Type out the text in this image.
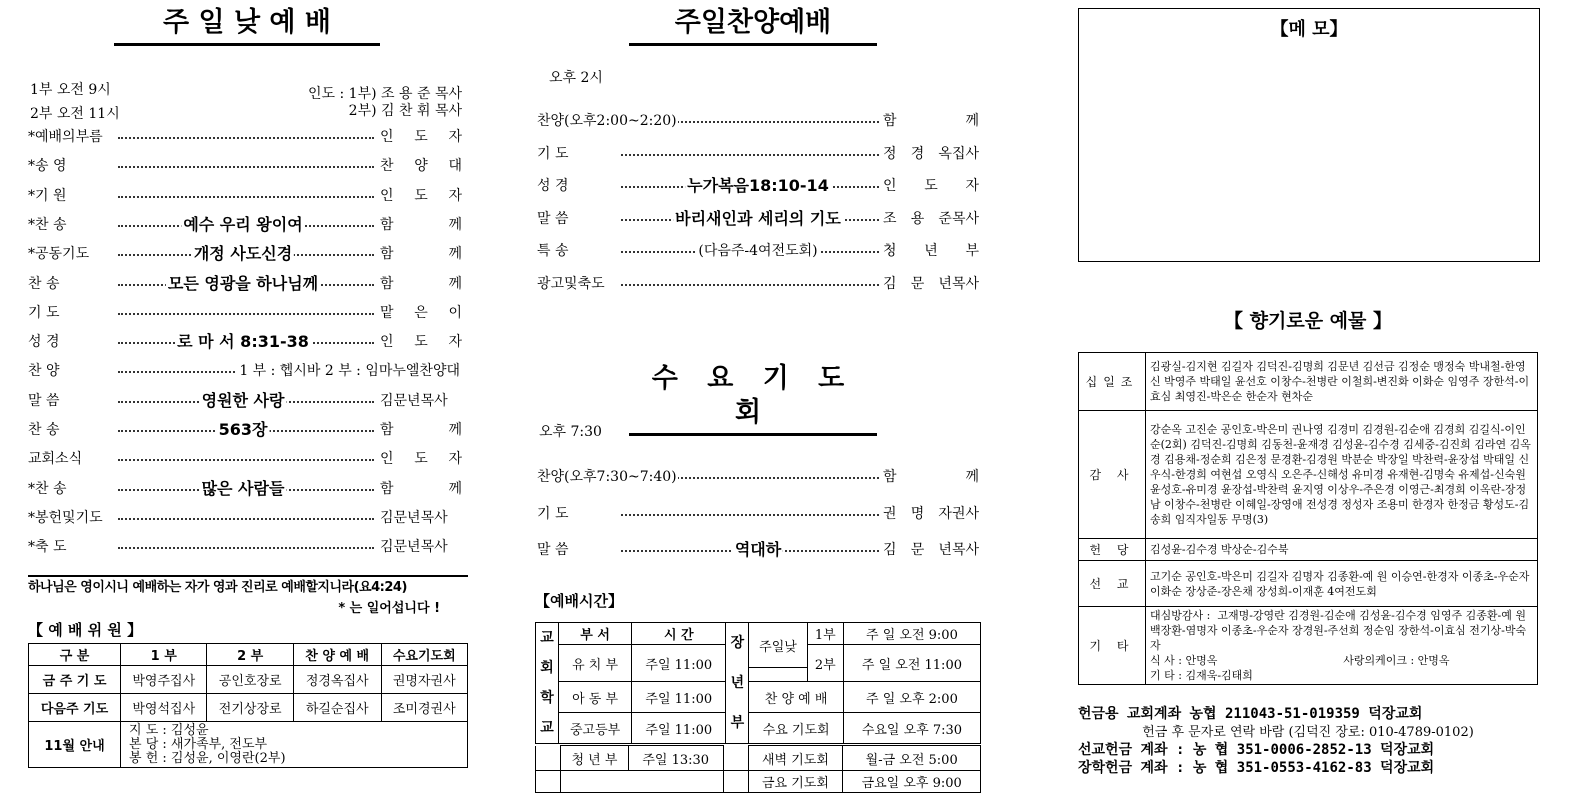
주 일 낮 예 배
1부 오전 9시
2부 오전 11시
인도 : 1부) 조 용 준 목사
2부) 김 찬 휘 목사
*예배의부름	인 도 자
*송 영	찬 양 대
*기 원	인 도 자
*찬 송	예수 우리 왕이여	함 께
*공동기도	개정 사도신경	함 께
찬 송	모든 영광을 하나님께	함 께
기 도	맡 은 이
성 경	로 마 서 8:31-38	인 도 자
찬 양	1 부 : 헵시바 2 부 : 임마누엘찬양대
말 씀	영원한 사랑	김문년목사
찬 송	563장	함 께
교회소식	인 도 자
*찬 송	많은 사람들	함 께
*봉헌및기도	김문년목사
*축 도	김문년목사
하나님은 영이시니 예배하는 자가 영과 진리로 예배할지니라(요4:24)
* 는 일어섭니다 !
【 예 배 위 원 】
구 분	1 부	2 부	찬 양 예 배	수요기도회
금 주 기 도	박영주집사	공인호장로	정경옥집사	권명자권사
다음주 기도	박영석집사	전기상장로	하길순집사	조미경권사
11월 안내	지 도 : 김성윤
본 당 : 새가족부, 전도부
봉 헌 : 김성윤, 이영란(2부)			
주일찬양예배
오후 2시
찬양(오후2:00~2:20)	함 께
기 도	정 경 옥집사
성 경	누가복음18:10-14	인 도 자
말 씀	바리새인과 세리의 기도	조 용 준목사
특 송	(다음주-4여전도회)	청 년 부
광고및축도	김 문 년목사
수 요 기 도 회
오후 7:30
찬양(오후7:30~7:40)	함 께
기 도	권 명 자권사
말 씀	역대하	김 문 년목사
【예배시간】
교회학교	부 서	시 간	장년부	주일낮	1부	주 일 오전 9:00
	유 치 부	주일 11:00			2부	주 일 오전 11:00

	아 동 부	주일 11:00		찬 양 예 배		주 일 오후 2:00
	중고등부	주일 11:00		수요 기도회		수요일 오후 7:30
	청 년 부	주일 13:30		새벽 기도회	월-금 오전 5:00
				금요 기도회	금요일 오후 9:00
【메 모】
【 향기로운 예물 】
십일조	김광실-김지현 김길자 김덕진-김명희 김문년 김선금 김정순 맹정숙 박내철-한영신 박영주 박태일 윤선호 이창수-천병란 이철희-변진화 이화순 임영주 장한석-이효심 최영진-박은순 한순자 현차순
감 사	강순옥 고진순 공인호-박은미 권나영 김경미 김경원-김순애 김경희 김길식-이인순(2회) 김덕진-김명희 김동천-윤재경 김성윤-김수경 김세중-김진희 김라연 김옥경 김용채-정순희 김은정 문경환-김경원 박분순 박장일 박찬력-윤장섭 박태일 신우식-한경희 여현섭 오영식 오은주-신해성 유미경 유재현-김명숙 유제섭-신숙원 윤성호-유미경 윤장섭-박찬력 윤지영 이상우-주은경 이영근-최경희 이옥란-장정남 이창수-천병란 이혜일-장영애 전성경 정성자 조용미 한경자 한정금 황성도-김송희 임직자일동 무명(3)
헌 당	김성윤-김수경 박상순-김수북
선 교	고기순 공인호-박은미 김길자 김명자 김종환-예 원 이승연-한경자 이종초-우순자 이화순 장상준-장은채 장성희-이재훈 4여전도회
기 타	대심방감사 :  고재명-강영란 김경원-김순애 김성윤-김수경 임영주 김종환-예 원 백장환-염명자 이종초-우순자 장경원-주선희 정순임 장한석-이효심 전기상-박숙자
식 사 : 안명옥                                    사랑의케이크 : 안명옥
기 타 : 김재욱-김태희
헌금용 교회계좌 농협 211043-51-019359 덕장교회
헌금 후 문자로 연락 바람 (김덕진 장로: 010-4789-0102)
선교헌금 계좌 : 농 협 351-0006-2852-13 덕장교회
장학헌금 계좌 : 농 협 351-0553-4162-83 덕장교회
